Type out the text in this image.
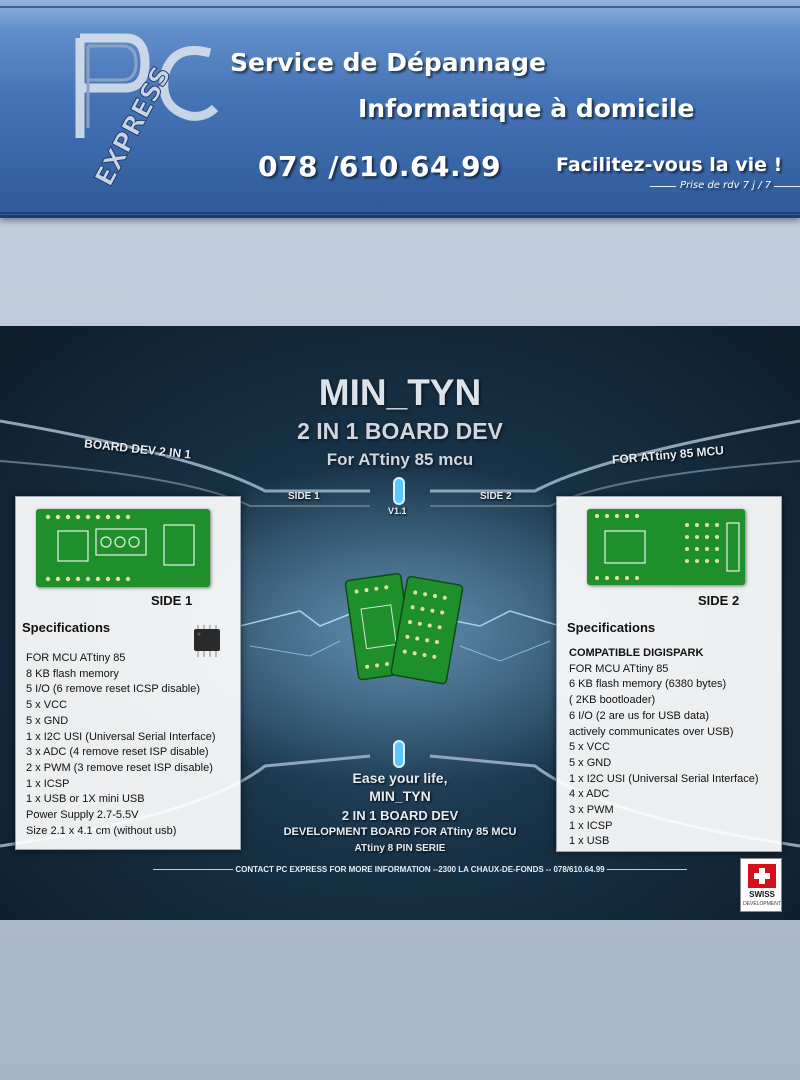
EXPRESS Service de Dépannage
Informatique à domicile
078 /610.64.99	Facilitez-vous la vie !
Prise de rdv 7 j / 7
MIN_TYN
2 IN 1 BOARD DEV
For ATtiny 85 mcu
BOARD DEV 2 IN 1	FOR ATtiny 85 MCU
SIDE 1	SIDE 2
V1.1
SIDE 1
Specifications
FOR MCU ATtiny 85
8 KB flash memory
5 I/O (6 remove reset ICSP disable)
5 x VCC
5 x GND
1 x I2C USI (Universal Serial Interface)
3 x ADC (4 remove reset ISP disable)
2 x PWM (3 remove reset ISP disable)
1 x ICSP
1 x USB or 1X mini USB
Power Supply 2.7-5.5V
Size 2.1 x 4.1 cm (without usb)
SIDE 2
Specifications
COMPATIBLE DIGISPARK
FOR MCU ATtiny 85
6 KB flash memory (6380 bytes)
( 2KB bootloader)
6 I/O (2 are us for USB data)
actively communicates over USB)
5 x VCC
5 x GND
1 x I2C USI (Universal Serial Interface)
4 x ADC
3 x PWM
1 x ICSP
1 x USB
Ease your life,
MIN_TYN
2 IN 1 BOARD DEV
DEVELOPMENT BOARD FOR ATtiny 85 MCU
ATtiny 8 PIN SERIE
—————————— CONTACT PC EXPRESS FOR MORE INFORMATION --2300 LA CHAUX-DE-FONDS -- 078/610.64.99 ——————————
SWISS
DEVELOPMENT
